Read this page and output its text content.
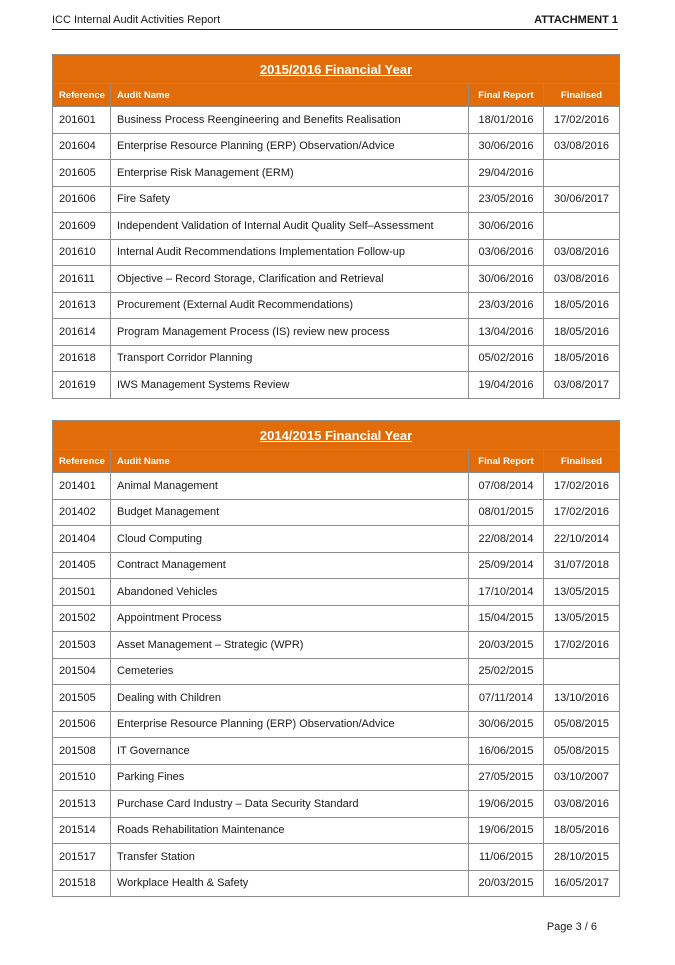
ICC Internal Audit Activities Report	ATTACHMENT 1
2015/2016 Financial Year			
Reference	Audit Name	Final Report	Finalised
201601	Business Process Reengineering and Benefits Realisation	18/01/2016	17/02/2016
201604	Enterprise Resource Planning (ERP) Observation/Advice	30/06/2016	03/08/2016
201605	Enterprise Risk Management (ERM)	29/04/2016	
201606	Fire Safety	23/05/2016	30/06/2017
201609	Independent Validation of Internal Audit Quality Self–Assessment	30/06/2016	
201610	Internal Audit Recommendations Implementation Follow-up	03/06/2016	03/08/2016
201611	Objective – Record Storage, Clarification and Retrieval	30/06/2016	03/08/2016
201613	Procurement (External Audit Recommendations)	23/03/2016	18/05/2016
201614	Program Management Process (IS) review new process	13/04/2016	18/05/2016
201618	Transport Corridor Planning	05/02/2016	18/05/2016
201619	IWS Management Systems Review	19/04/2016	03/08/2017
2014/2015 Financial Year			
Reference	Audit Name	Final Report	Finalised
201401	Animal Management	07/08/2014	17/02/2016
201402	Budget Management	08/01/2015	17/02/2016
201404	Cloud Computing	22/08/2014	22/10/2014
201405	Contract Management	25/09/2014	31/07/2018
201501	Abandoned Vehicles	17/10/2014	13/05/2015
201502	Appointment Process	15/04/2015	13/05/2015
201503	Asset Management – Strategic (WPR)	20/03/2015	17/02/2016
201504	Cemeteries	25/02/2015	
201505	Dealing with Children	07/11/2014	13/10/2016
201506	Enterprise Resource Planning (ERP) Observation/Advice	30/06/2015	05/08/2015
201508	IT Governance	16/06/2015	05/08/2015
201510	Parking Fines	27/05/2015	03/10/2007
201513	Purchase Card Industry – Data Security Standard	19/06/2015	03/08/2016
201514	Roads Rehabilitation Maintenance	19/06/2015	18/05/2016
201517	Transfer Station	11/06/2015	28/10/2015
201518	Workplace Health & Safety	20/03/2015	16/05/2017
Page 3 / 6
